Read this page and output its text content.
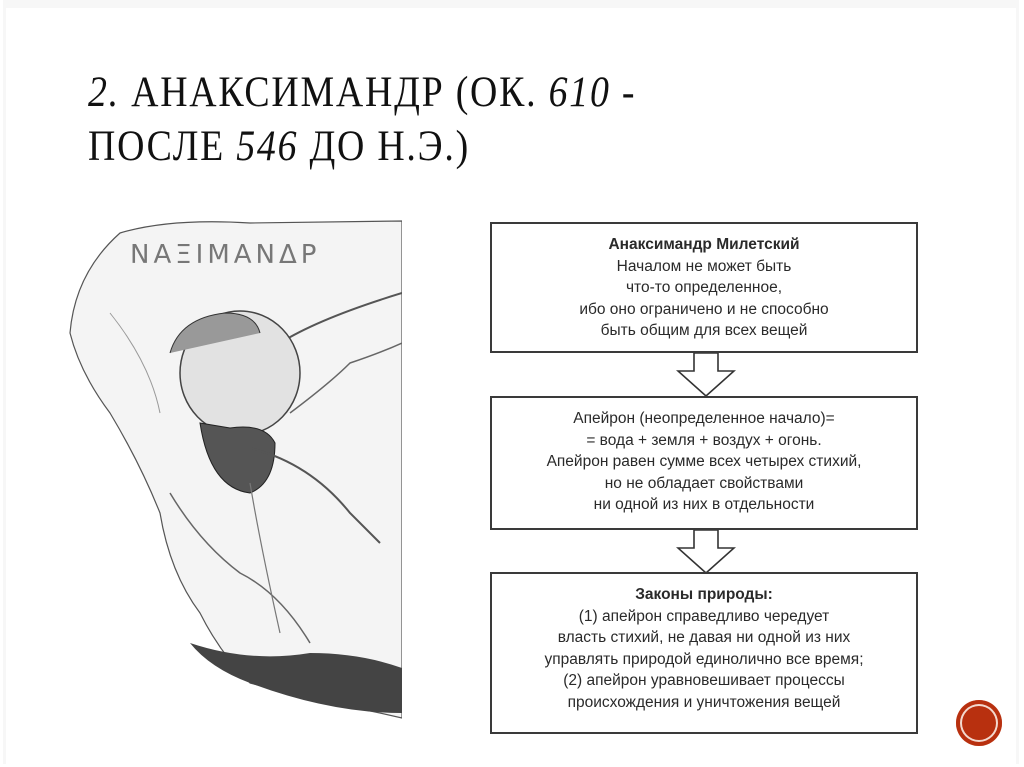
2. АНАКСИМАНДР (ОК. 610 -
ПОСЛЕ 546 ДО Н.Э.)
ΝΑΞΙΜΑΝΔΡ	Анаксимандр Милетский
Началом не может быть
что-то определенное,
ибо оно ограничено и не способно
быть общим для всех вещей
Апейрон (неопределенное начало)=
= вода + земля + воздух + огонь.
Апейрон равен сумме всех четырех стихий,
но не обладает свойствами
ни одной из них в отдельности
Законы природы:
(1) апейрон справедливо чередует
власть стихий, не давая ни одной из них
управлять природой единолично все время;
(2) апейрон уравновешивает процессы
происхождения и уничтожения вещей
